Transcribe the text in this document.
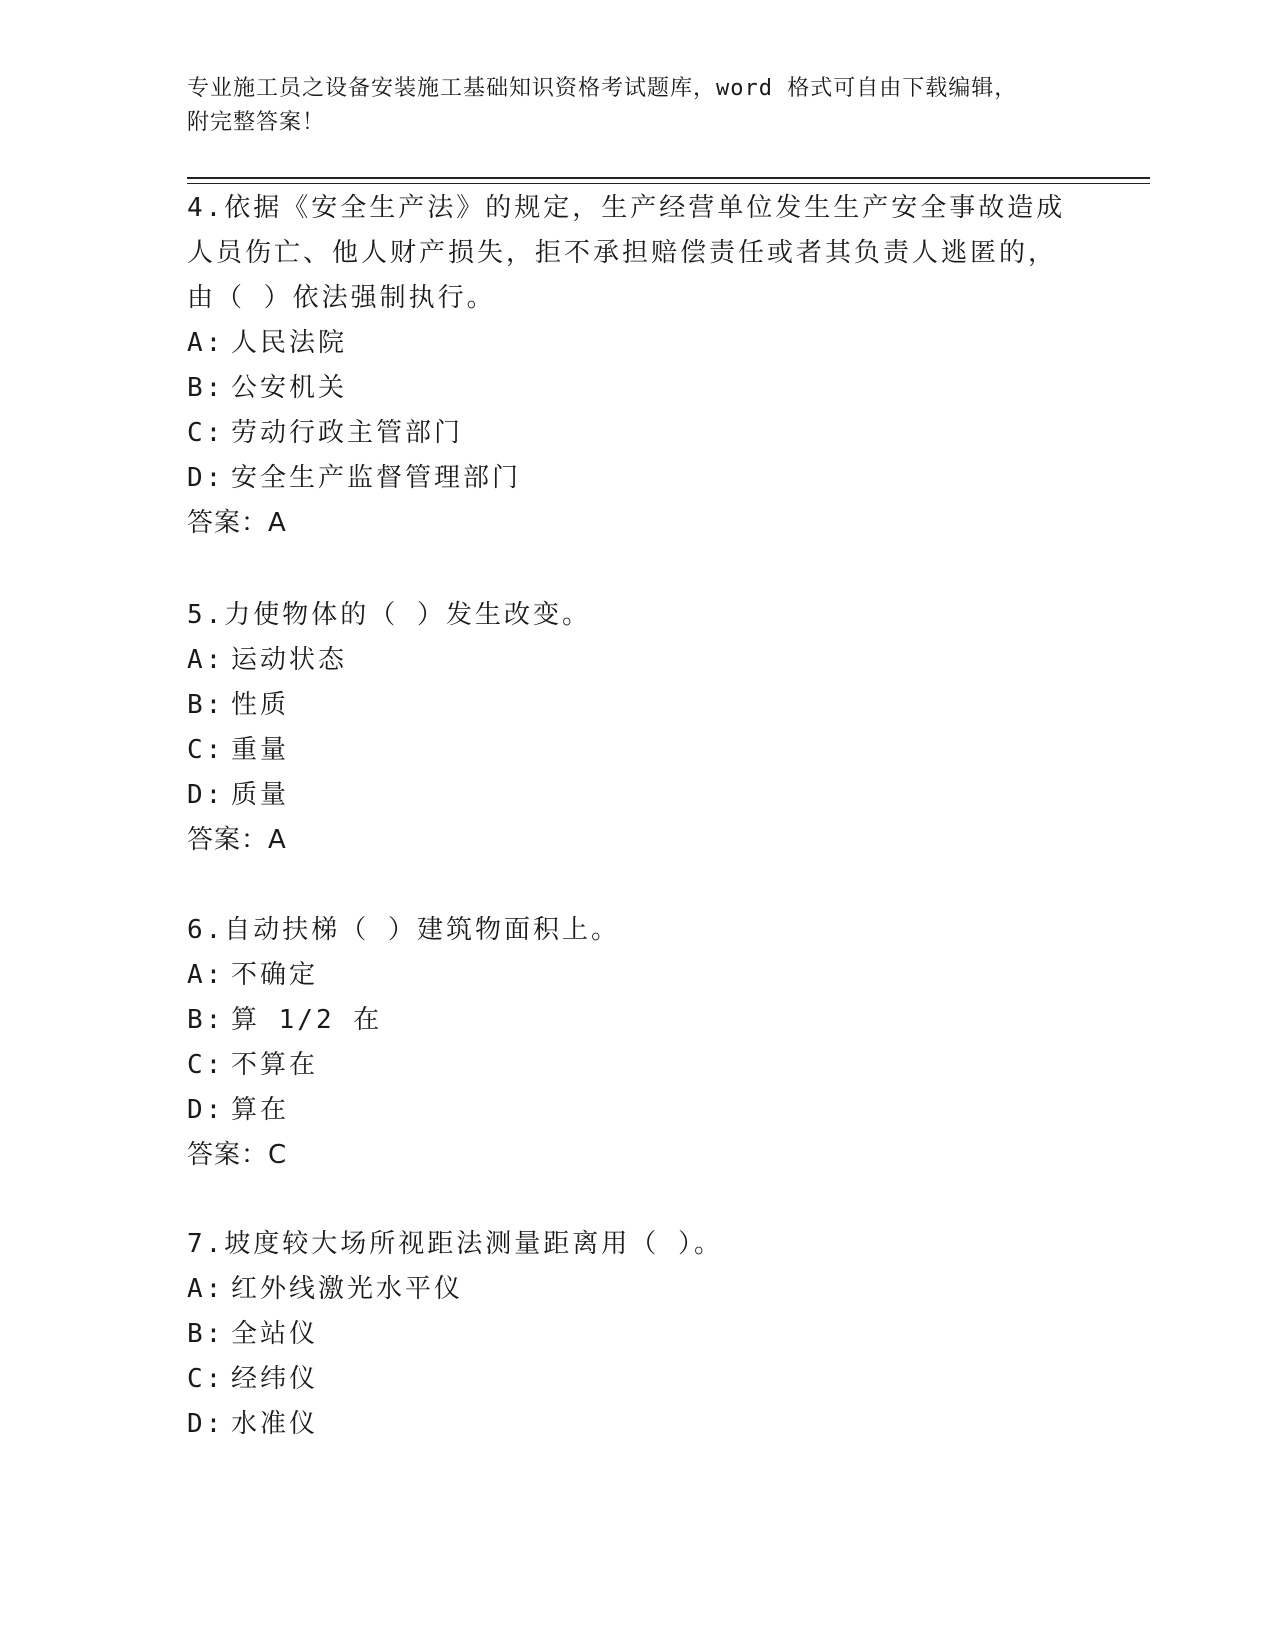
专业施工员之设备安装施工基础知识资格考试题库，word 格式可自由下载编辑，
附完整答案！
4.依据《安全生产法》的规定，生产经营单位发生生产安全事故造成
人员伤亡、他人财产损失，拒不承担赔偿责任或者其负责人逃匿的，
由（ ）依法强制执行。
A: 人民法院
B: 公安机关
C: 劳动行政主管部门
D: 安全生产监督管理部门
答案：A
5.力使物体的（ ）发生改变。
A: 运动状态
B: 性质
C: 重量
D: 质量
答案：A
6.自动扶梯（ ）建筑物面积上。
A: 不确定
B: 算 1/2 在
C: 不算在
D: 算在
答案：C
7.坡度较大场所视距法测量距离用（ ）。
A: 红外线激光水平仪
B: 全站仪
C: 经纬仪
D: 水准仪
